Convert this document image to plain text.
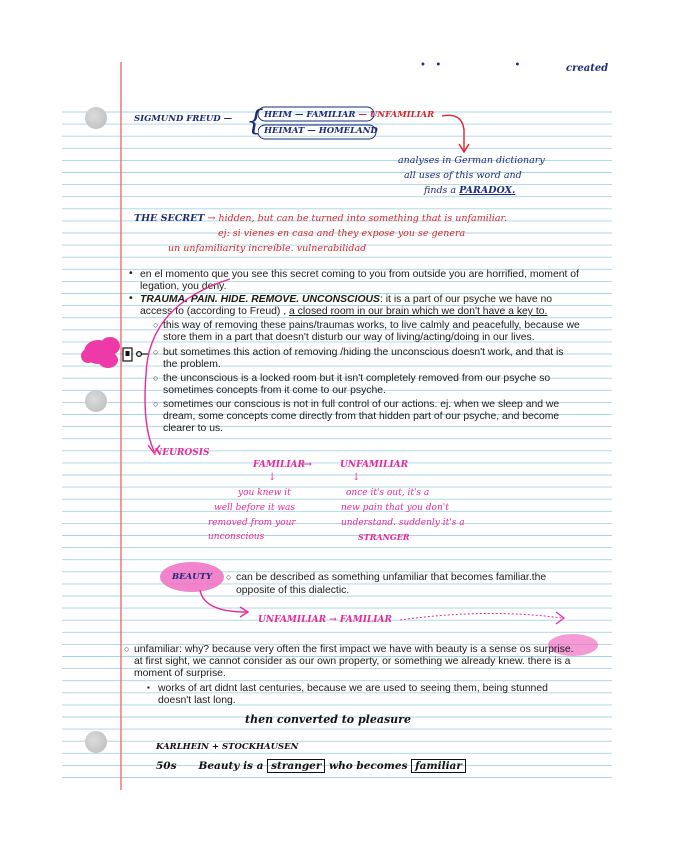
•   •                       •	created
SIGMUND FREUD — { HEIM — FAMILIAR — UNFAMILIAR
HEIMAT — HOMELAND
analyses in German dictionary
all uses of this word and
finds a PARADOX.
THE SECRET → hidden, but can be turned into something that is unfamiliar.
ej: si vienes en casa and they expose you se genera
un unfamiliarity increíble. vulnerabilidad
• en el momento que you see this secret coming to you from outside you are horrified, moment of
legation, you deny.
• TRAUMA. PAIN. HIDE. REMOVE. UNCONSCIOUS: it is a part of our psyche we have no
access to (according to Freud) , a closed room in our brain which we don't have a key to.
○ this way of removing these pains/traumas works, to live calmly and peacefully, because we
store them in a part that doesn't disturb our way of living/acting/doing in our lives.
○ but sometimes this action of removing /hiding the unconscious doesn't work, and that is
the problem.
○ the unconscious is a locked room but it isn't completely removed from our psyche so
sometimes concepts from it come to our psyche.
○ sometimes our conscious is not in full control of our actions. ej. when we sleep and we
dream, some concepts come directly from that hidden part of our psyche, and become
clearer to us.
NEUROSIS
FAMILIAR
→	UNFAMILIAR
↓	↓
you knew it
well before it was
removed from your
unconscious
once it's out, it's a
new pain that you don't
understand. suddenly it's a
STRANGER
BEAUTY ○ can be described as something unfamiliar that becomes familiar.the
opposite of this dialectic.
UNFAMILIAR → FAMILIAR
○ unfamiliar: why? because very often the first impact we have with beauty is a sense os surprise.
at first sight, we cannot consider as our own property, or something we already knew. there is a
moment of surprise.
▪ works of art didnt last centuries, because we are used to seeing them, being stunned
doesn't last long.
then converted to pleasure
KARLHEIN + STOCKHAUSEN
50s Beauty is a stranger who becomes familiar
